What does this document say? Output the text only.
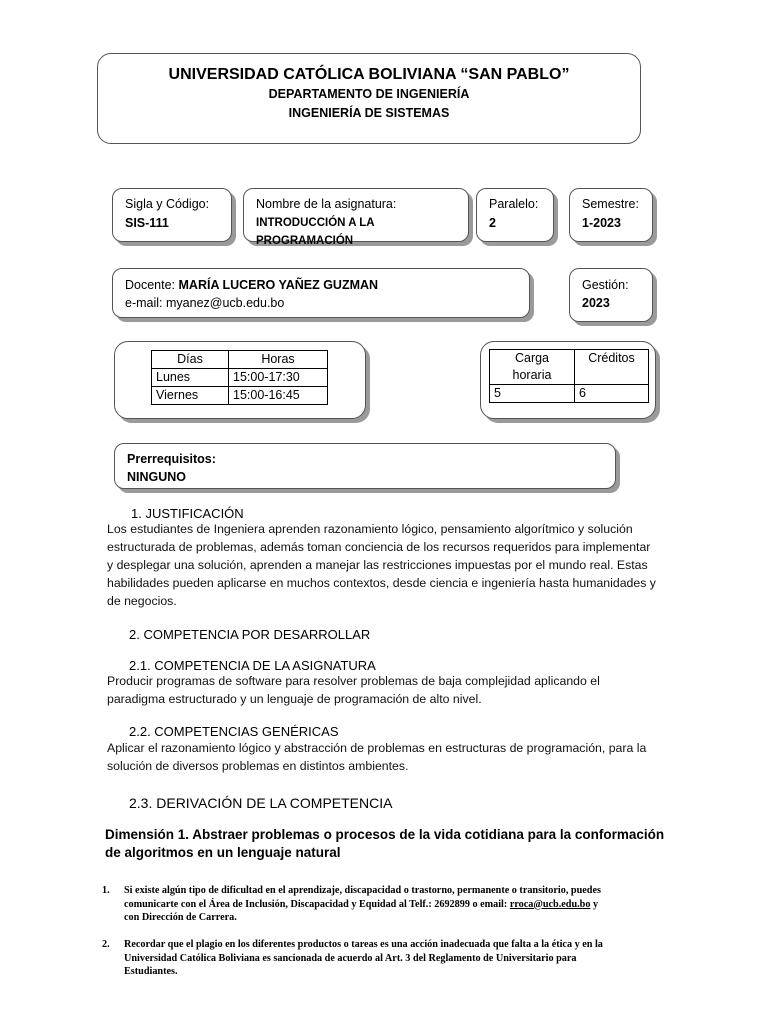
UNIVERSIDAD CATÓLICA BOLIVIANA “SAN PABLO”
DEPARTAMENTO DE INGENIERÍA
INGENIERÍA DE SISTEMAS
Sigla y Código:
SIS-111
Nombre de la asignatura:
INTRODUCCIÓN A LA PROGRAMACIÓN
Paralelo:
2
Semestre:
1-2023
Docente: MARÍA LUCERO YAÑEZ GUZMAN
e-mail: myanez@ucb.edu.bo
Gestión:
2023
Días	Horas
Lunes	15:00-17:30
Viernes	15:00-16:45
Carga
horaria	Créditos
5	6
Prerrequisitos:
NINGUNO
1. JUSTIFICACIÓN
Los estudiantes de Ingeniera aprenden razonamiento lógico, pensamiento algorítmico y solución
estructurada de problemas, además toman conciencia de los recursos requeridos para implementar
y desplegar una solución, aprenden a manejar las restricciones impuestas por el mundo real. Estas
habilidades pueden aplicarse en muchos contextos, desde ciencia e ingeniería hasta humanidades y
de negocios.
2. COMPETENCIA POR DESARROLLAR
2.1. COMPETENCIA DE LA ASIGNATURA
Producir programas de software para resolver problemas de baja complejidad aplicando el
paradigma estructurado y un lenguaje de programación de alto nivel.
2.2. COMPETENCIAS GENÉRICAS
Aplicar el razonamiento lógico y abstracción de problemas en estructuras de programación, para la
solución de diversos problemas en distintos ambientes.
2.3. DERIVACIÓN DE LA COMPETENCIA
Dimensión 1. Abstraer problemas o procesos de la vida cotidiana para la conformación
de algoritmos en un lenguaje natural
1. Si existe algún tipo de dificultad en el aprendizaje, discapacidad o trastorno, permanente o transitorio, puedes
comunicarte con el Área de Inclusión, Discapacidad y Equidad al Telf.: 2692899 o email: rroca@ucb.edu.bo y
con Dirección de Carrera.
2. Recordar que el plagio en los diferentes productos o tareas es una acción inadecuada que falta a la ética y en la
Universidad Católica Boliviana es sancionada de acuerdo al Art. 3 del Reglamento de Universitario para
Estudiantes.
